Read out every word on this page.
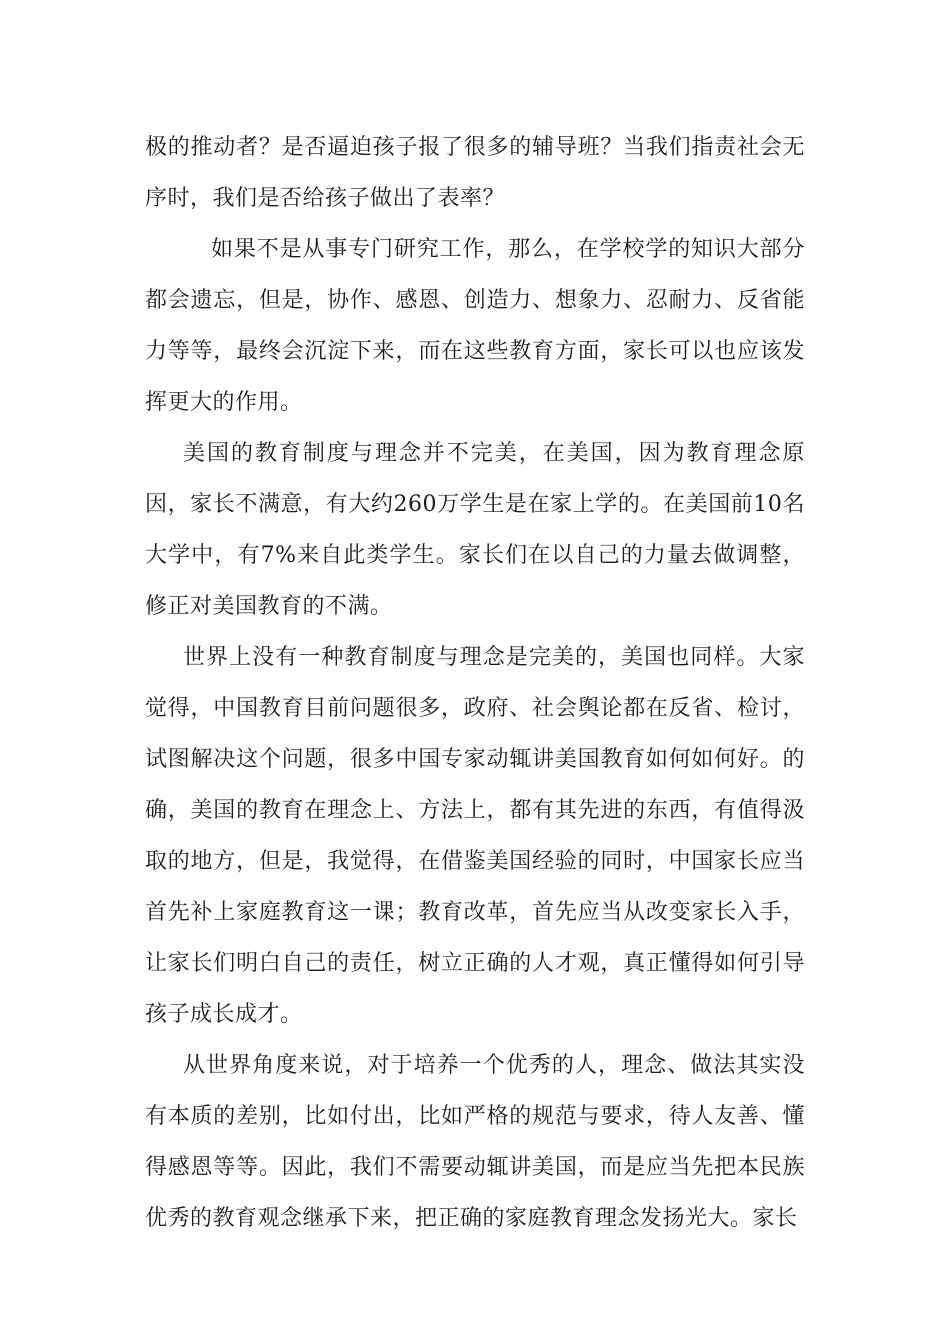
极的推动者？是否逼迫孩子报了很多的辅导班？当我们指责社会无序时，我们是否给孩子做出了表率？

如果不是从事专门研究工作，那么，在学校学的知识大部分都会遗忘，但是，协作、感恩、创造力、想象力、忍耐力、反省能力等等，最终会沉淀下来，而在这些教育方面，家长可以也应该发挥更大的作用。

美国的教育制度与理念并不完美，在美国，因为教育理念原因，家长不满意，有大约260万学生是在家上学的。在美国前10名大学中，有7%来自此类学生。家长们在以自己的力量去做调整，修正对美国教育的不满。

世界上没有一种教育制度与理念是完美的，美国也同样。大家觉得，中国教育目前问题很多，政府、社会舆论都在反省、检讨，试图解决这个问题，很多中国专家动辄讲美国教育如何如何好。的确，美国的教育在理念上、方法上，都有其先进的东西，有值得汲取的地方，但是，我觉得，在借鉴美国经验的同时，中国家长应当首先补上家庭教育这一课；教育改革，首先应当从改变家长入手，让家长们明白自己的责任，树立正确的人才观，真正懂得如何引导孩子成长成才。

从世界角度来说，对于培养一个优秀的人，理念、做法其实没有本质的差别，比如付出，比如严格的规范与要求，待人友善、懂得感恩等等。因此，我们不需要动辄讲美国，而是应当先把本民族优秀的教育观念继承下来，把正确的家庭教育理念发扬光大。家长
